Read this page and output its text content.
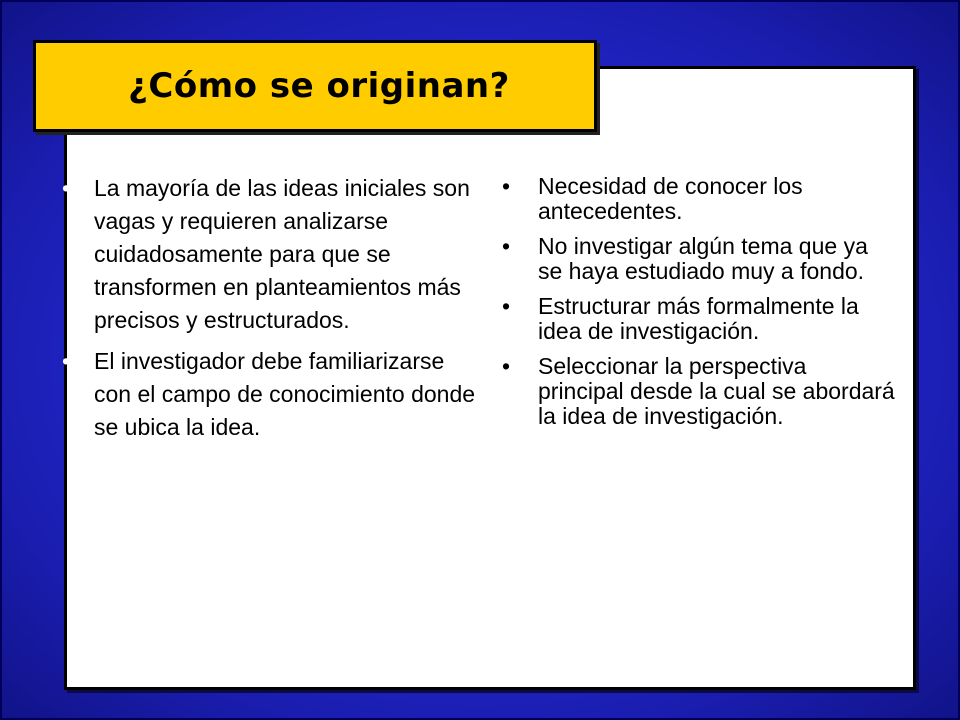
¿Cómo se originan?
• La mayoría de las ideas iniciales son vagas y requieren analizarse cuidadosamente para que se transformen en planteamientos más precisos y estructurados.
• El investigador debe familiarizarse con el campo de conocimiento donde se ubica la idea.
• Necesidad de conocer los antecedentes.
• No investigar algún tema que ya se haya estudiado muy a fondo.
• Estructurar más formalmente la idea de investigación.
• Seleccionar la perspectiva principal desde la cual se abordará la idea de investigación.
